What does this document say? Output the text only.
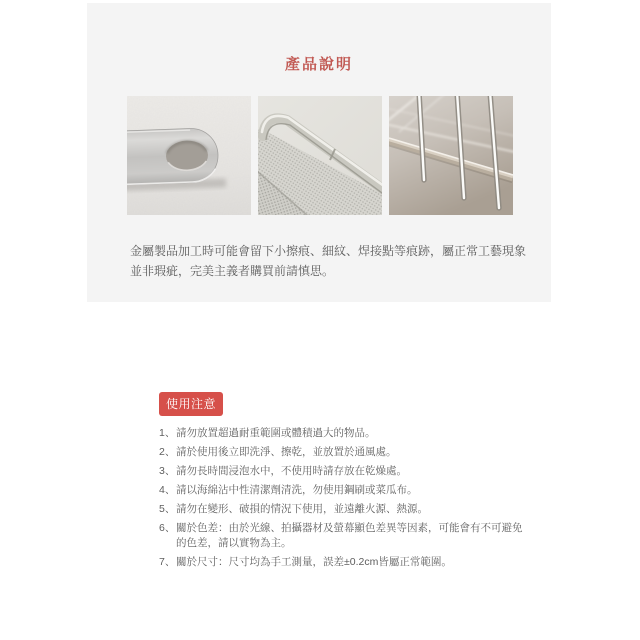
產品說明

金屬製品加工時可能會留下小擦痕、細紋、焊接點等痕跡，屬正常工藝現象
並非瑕疵，完美主義者購買前請慎思。

使用注意
1、 請勿放置超過耐重範圍或體積過大的物品。
2、 請於使用後立即洗淨、擦乾，並放置於通風處。
3、 請勿長時間浸泡水中，不使用時請存放在乾燥處。
4、 請以海綿沾中性清潔劑清洗，勿使用鋼刷或菜瓜布。
5、 請勿在變形、破損的情況下使用，並遠離火源、熱源。
6、 關於色差：由於光線、拍攝器材及螢幕顯色差異等因素，可能會有不可避免
的色差，請以實物為主。
7、 關於尺寸：尺寸均為手工測量，誤差±0.2cm皆屬正常範圍。
